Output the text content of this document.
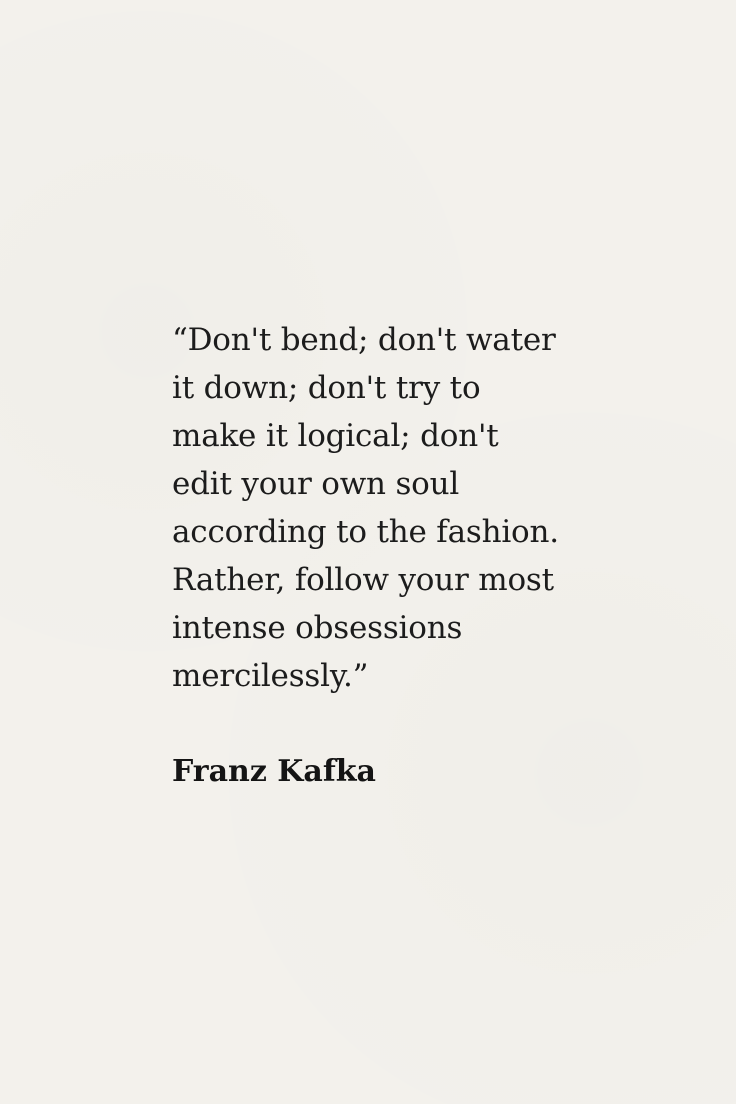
“Don't bend; don't water
it down; don't try to
make it logical; don't
edit your own soul
according to the fashion.
Rather, follow your most
intense obsessions
mercilessly.”

Franz Kafka
